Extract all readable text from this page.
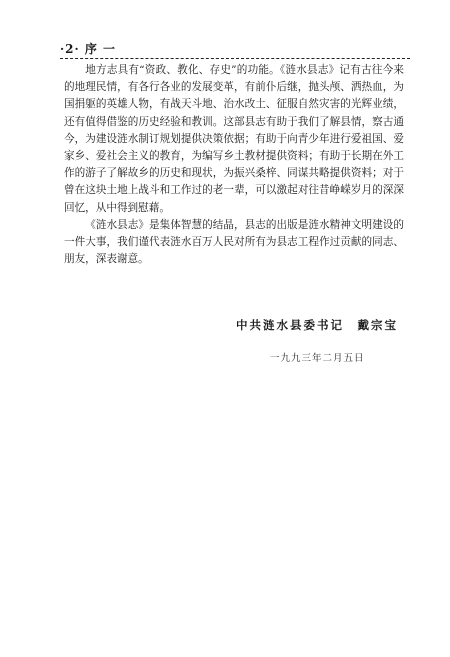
·2· 序 一

地方志具有“资政、教化、存史”的功能。《涟水县志》记有古往今来的地理民情，有各行各业的发展变革，有前仆后继，抛头颅、洒热血，为国捐躯的英雄人物，有战天斗地、治水改土、征服自然灾害的光辉业绩，还有值得借鉴的历史经验和教训。这部县志有助于我们了解县情，察古通今，为建设涟水制订规划提供决策依据；有助于向青少年进行爱祖国、爱家乡、爱社会主义的教育，为编写乡土教材提供资料；有助于长期在外工作的游子了解故乡的历史和现状，为振兴桑梓、同谋共略提供资料；对于曾在这块土地上战斗和工作过的老一辈，可以激起对往昔峥嵘岁月的深深回忆，从中得到慰藉。

《涟水县志》是集体智慧的结晶，县志的出版是涟水精神文明建设的一件大事，我们谨代表涟水百万人民对所有为县志工程作过贡献的同志、朋友，深表谢意。

中共涟水县委书记　戴宗宝
一九九三年二月五日
